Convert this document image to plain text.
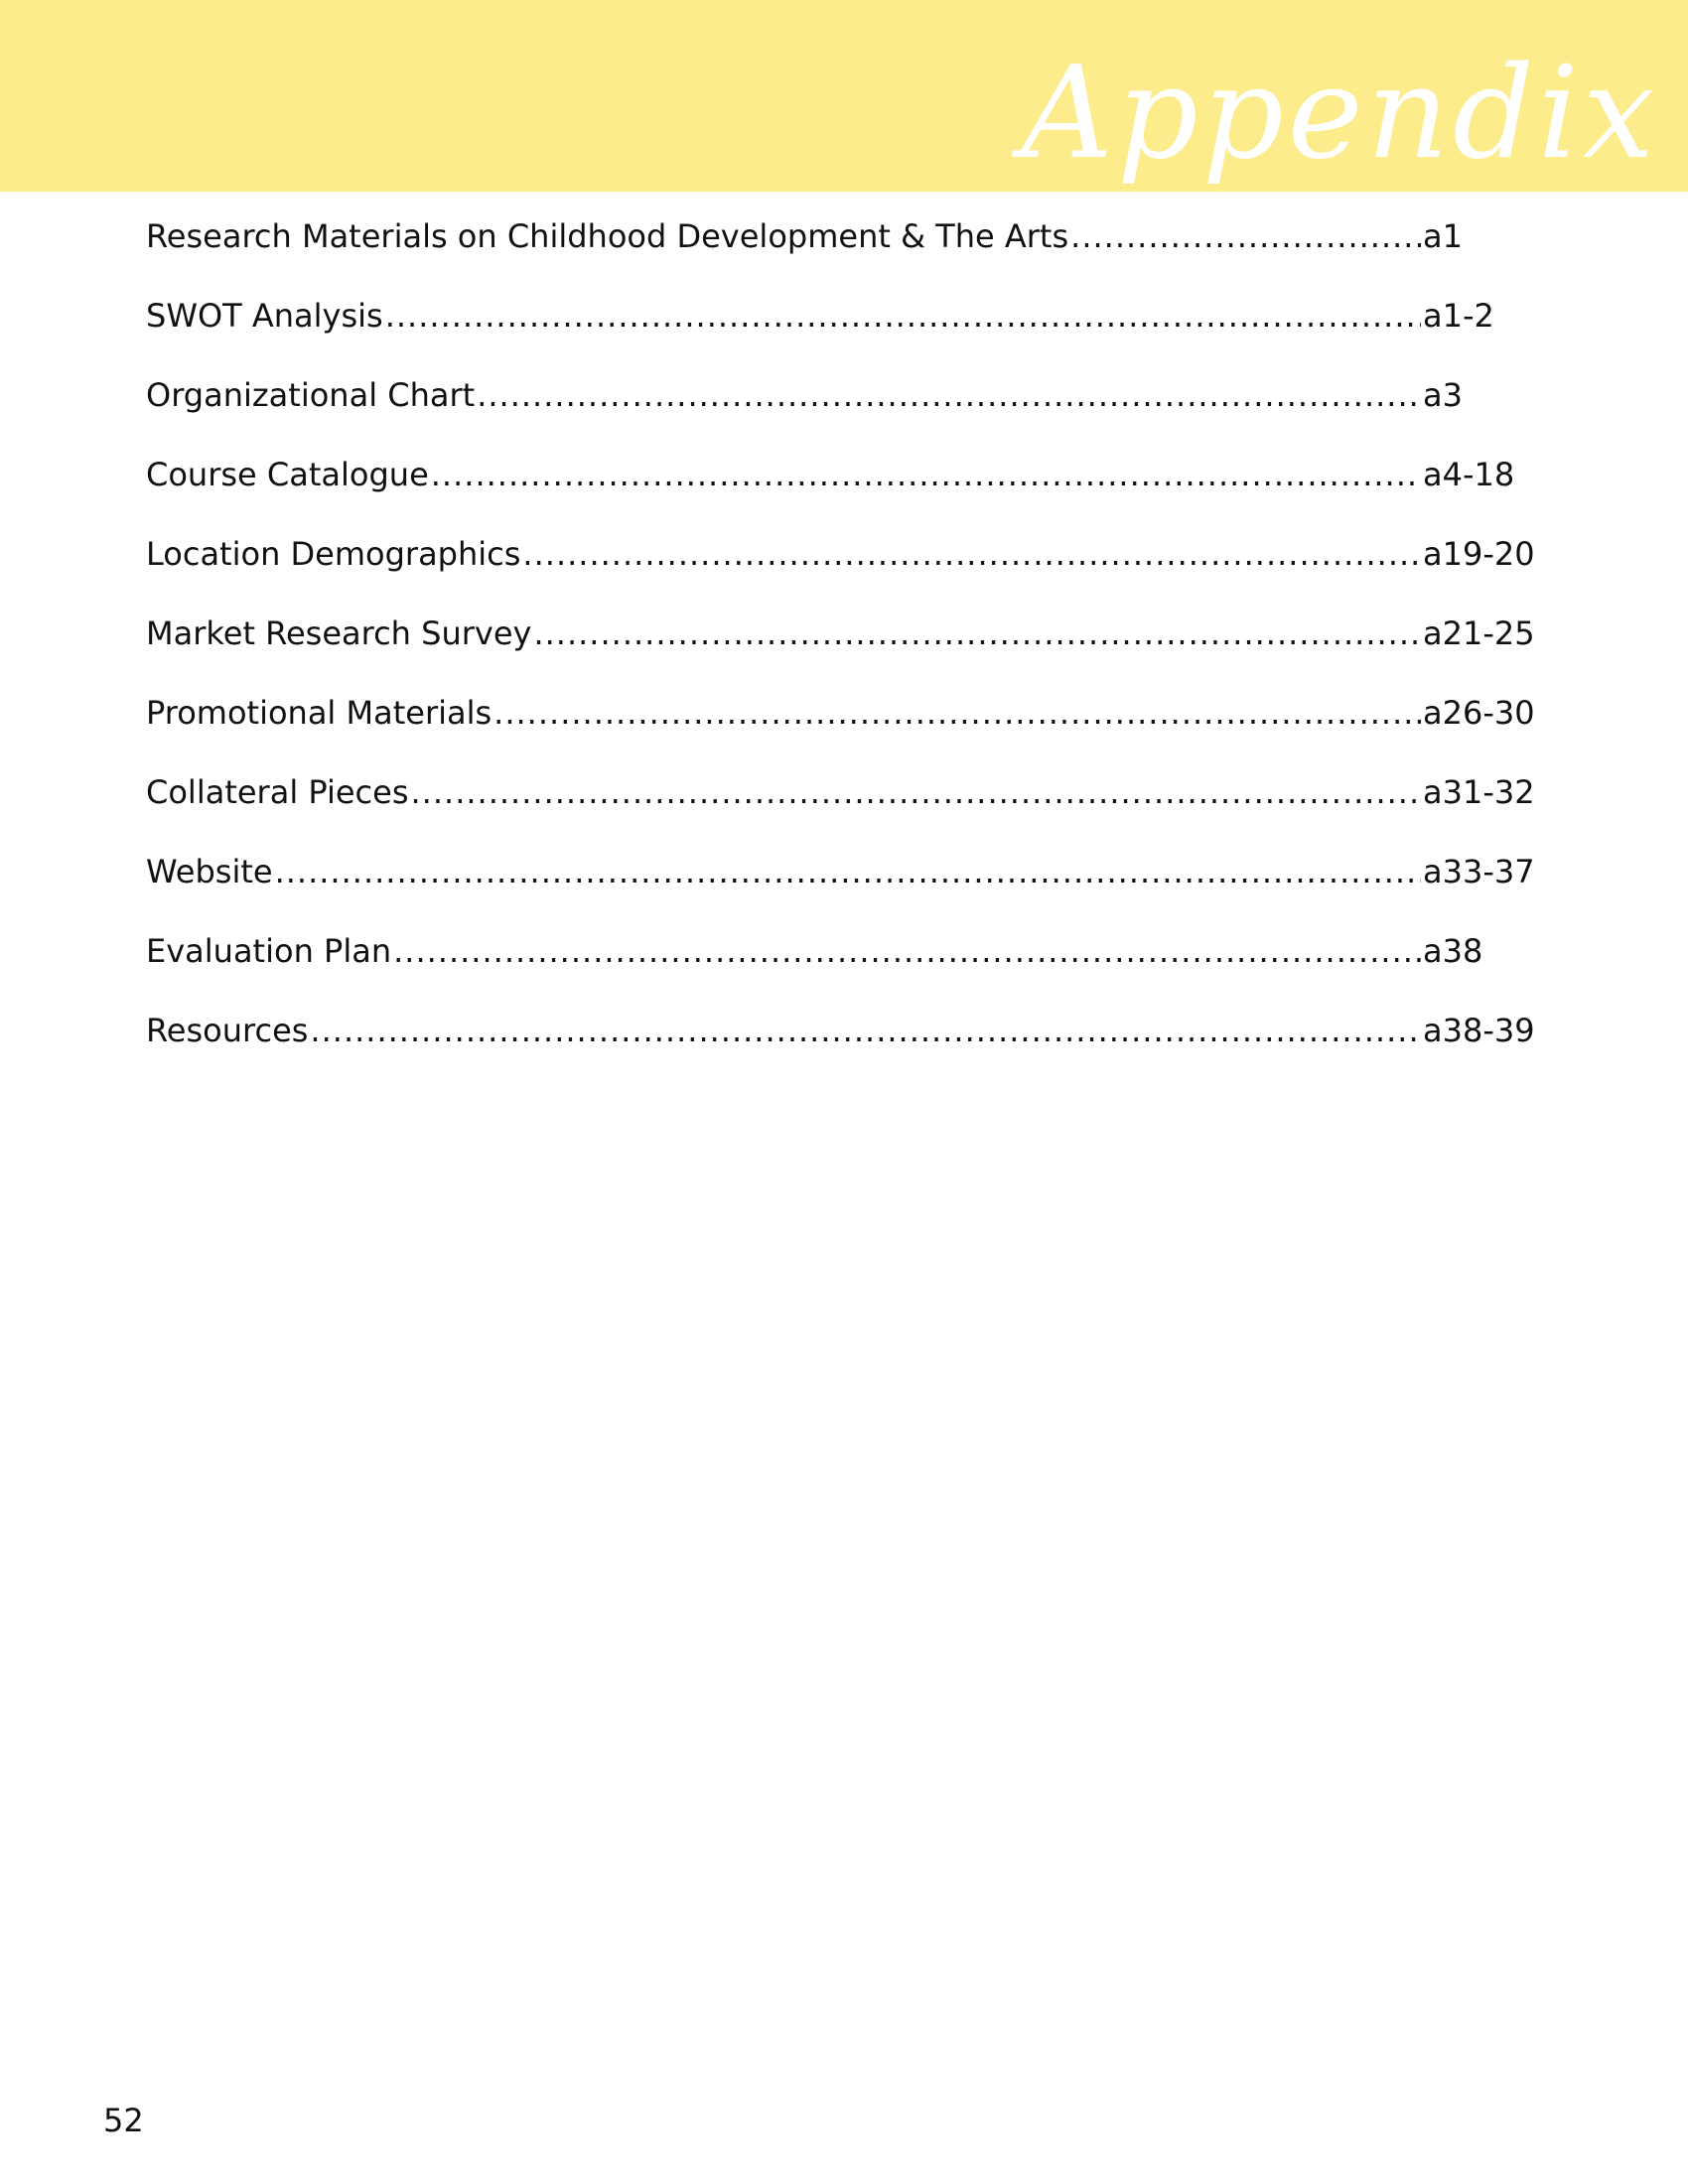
Appendix
Research Materials on Childhood Development & The Arts .....	a1
SWOT Analysis .....	a1-2
Organizational Chart .....	a3
Course Catalogue .....	a4-18
Location Demographics .....	a19-20
Market Research Survey .....	a21-25
Promotional Materials .....	a26-30
Collateral Pieces .....	a31-32
Website .....	a33-37
Evaluation Plan .....	a38
Resources .....	a38-39
52
